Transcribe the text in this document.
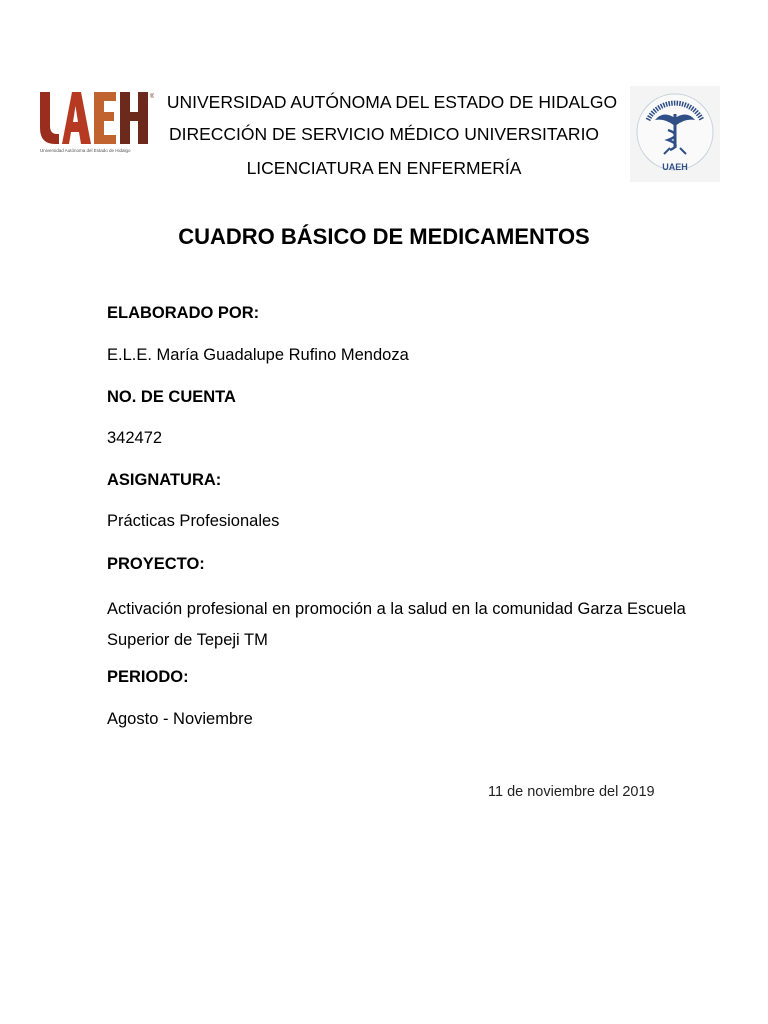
®
Universidad Autónoma del Estado de Hidalgo
UAEH
UNIVERSIDAD AUTÓNOMA DEL ESTADO DE HIDALGO
DIRECCIÓN DE SERVICIO MÉDICO UNIVERSITARIO
LICENCIATURA EN ENFERMERÍA
CUADRO BÁSICO DE MEDICAMENTOS
ELABORADO POR:
E.L.E. María Guadalupe Rufino Mendoza
NO. DE CUENTA
342472
ASIGNATURA:
Prácticas Profesionales
PROYECTO:
Activación profesional en promoción a la salud en la comunidad Garza Escuela Superior de Tepeji TM
PERIODO:
Agosto - Noviembre
11 de noviembre del 2019
